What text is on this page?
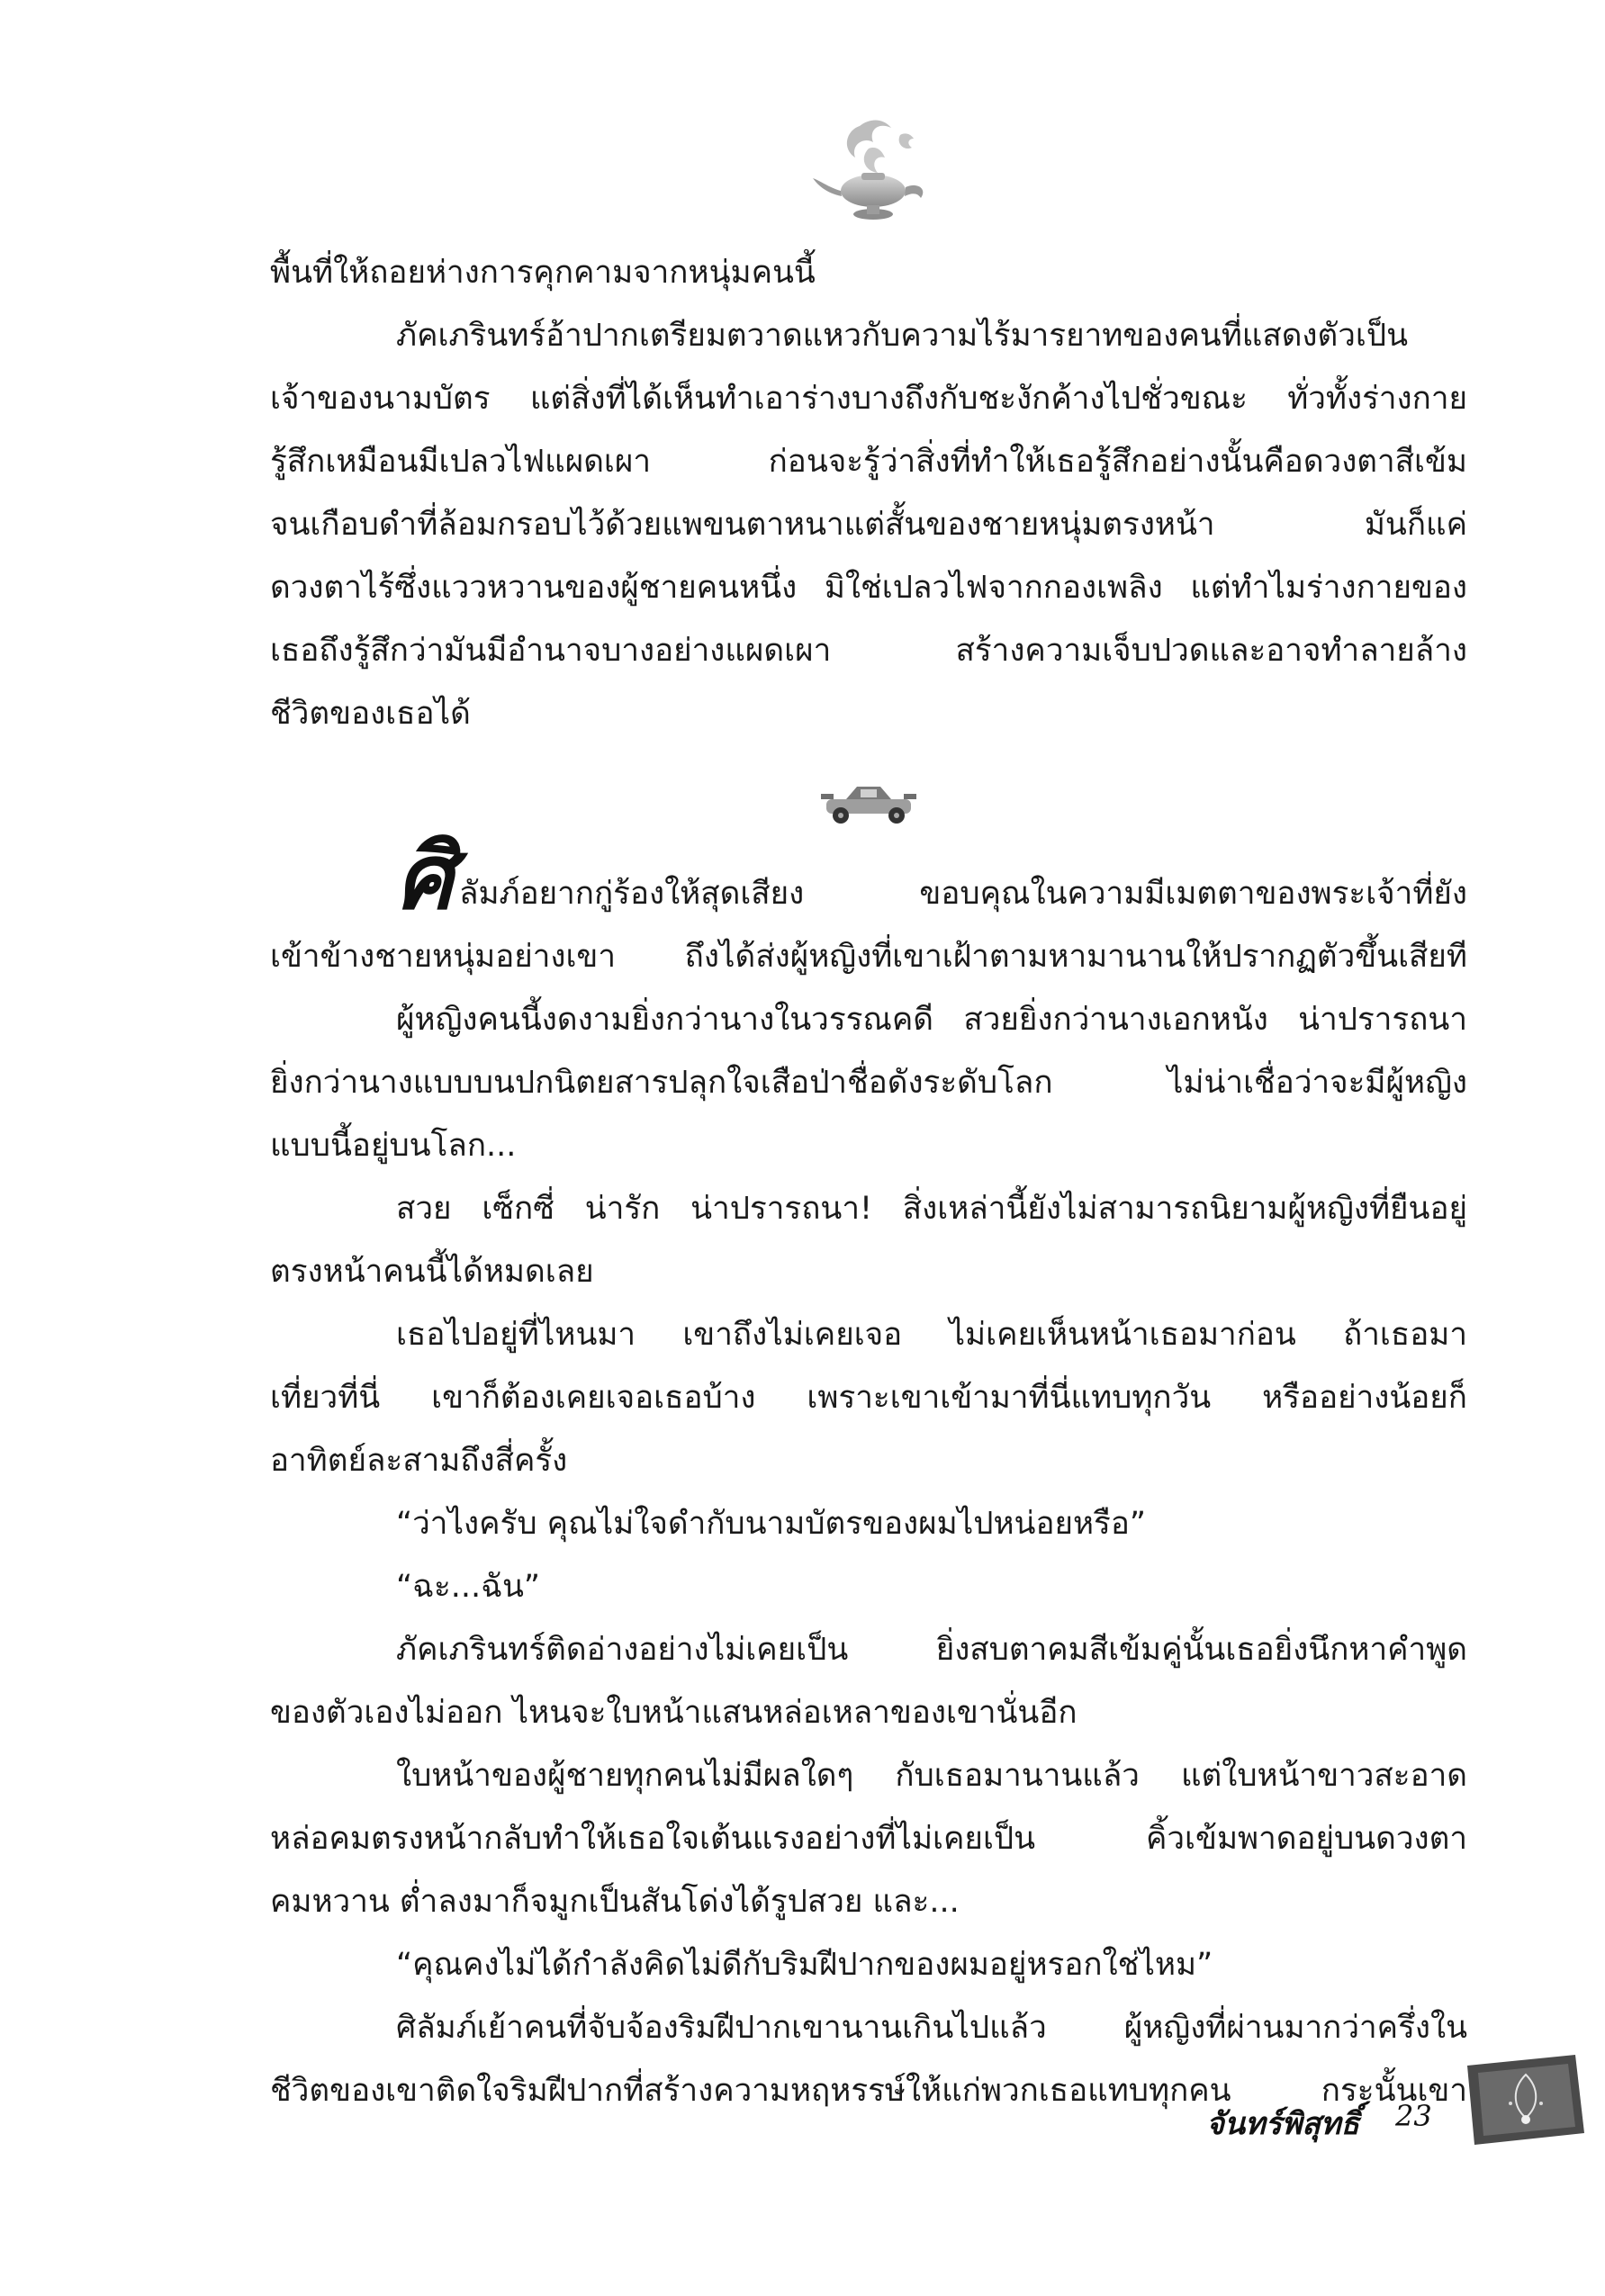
พื้นที่ให้ถอยห่างการคุกคามจากหนุ่มคนนี้
ภัคเภรินทร์อ้าปากเตรียมตวาดแหวกับความไร้มารยาทของคนที่แสดงตัวเป็น
เจ้าของนามบัตร แต่สิ่งที่ได้เห็นทำเอาร่างบางถึงกับชะงักค้างไปชั่วขณะ ทั่วทั้งร่างกาย
รู้สึกเหมือนมีเปลวไฟแผดเผา ก่อนจะรู้ว่าสิ่งที่ทำให้เธอรู้สึกอย่างนั้นคือดวงตาสีเข้ม
จนเกือบดำที่ล้อมกรอบไว้ด้วยแพขนตาหนาแต่สั้นของชายหนุ่มตรงหน้า มันก็แค่
ดวงตาไร้ซึ่งแววหวานของผู้ชายคนหนึ่ง มิใช่เปลวไฟจากกองเพลิง แต่ทำไมร่างกายของ
เธอถึงรู้สึกว่ามันมีอำนาจบางอย่างแผดเผา สร้างความเจ็บปวดและอาจทำลายล้าง
ชีวิตของเธอได้
ศิ ลัมภ์อยากกู่ร้องให้สุดเสียง ขอบคุณในความมีเมตตาของพระเจ้าที่ยัง
เข้าข้างชายหนุ่มอย่างเขา ถึงได้ส่งผู้หญิงที่เขาเฝ้าตามหามานานให้ปรากฏตัวขึ้นเสียที
ผู้หญิงคนนี้งดงามยิ่งกว่านางในวรรณคดี สวยยิ่งกว่านางเอกหนัง น่าปรารถนา
ยิ่งกว่านางแบบบนปกนิตยสารปลุกใจเสือป่าชื่อดังระดับโลก ไม่น่าเชื่อว่าจะมีผู้หญิง
แบบนี้อยู่บนโลก...
สวย เซ็กซี่ น่ารัก น่าปรารถนา! สิ่งเหล่านี้ยังไม่สามารถนิยามผู้หญิงที่ยืนอยู่
ตรงหน้าคนนี้ได้หมดเลย
เธอไปอยู่ที่ไหนมา เขาถึงไม่เคยเจอ ไม่เคยเห็นหน้าเธอมาก่อน ถ้าเธอมา
เที่ยวที่นี่ เขาก็ต้องเคยเจอเธอบ้าง เพราะเขาเข้ามาที่นี่แทบทุกวัน หรืออย่างน้อยก็
อาทิตย์ละสามถึงสี่ครั้ง
“ว่าไงครับ คุณไม่ใจดำกับนามบัตรของผมไปหน่อยหรือ”
“ฉะ...ฉัน”
ภัคเภรินทร์ติดอ่างอย่างไม่เคยเป็น ยิ่งสบตาคมสีเข้มคู่นั้นเธอยิ่งนึกหาคำพูด
ของตัวเองไม่ออก ไหนจะใบหน้าแสนหล่อเหลาของเขานั่นอีก
ใบหน้าของผู้ชายทุกคนไม่มีผลใดๆ กับเธอมานานแล้ว แต่ใบหน้าขาวสะอาด
หล่อคมตรงหน้ากลับทำให้เธอใจเต้นแรงอย่างที่ไม่เคยเป็น คิ้วเข้มพาดอยู่บนดวงตา
คมหวาน ต่ำลงมาก็จมูกเป็นสันโด่งได้รูปสวย และ...
“คุณคงไม่ได้กำลังคิดไม่ดีกับริมฝีปากของผมอยู่หรอกใช่ไหม”
ศิลัมภ์เย้าคนที่จับจ้องริมฝีปากเขานานเกินไปแล้ว ผู้หญิงที่ผ่านมากว่าครึ่งใน
ชีวิตของเขาติดใจริมฝีปากที่สร้างความหฤหรรษ์ให้แก่พวกเธอแทบทุกคน กระนั้นเขา
จันทร์พิสุทธิ์ 23
